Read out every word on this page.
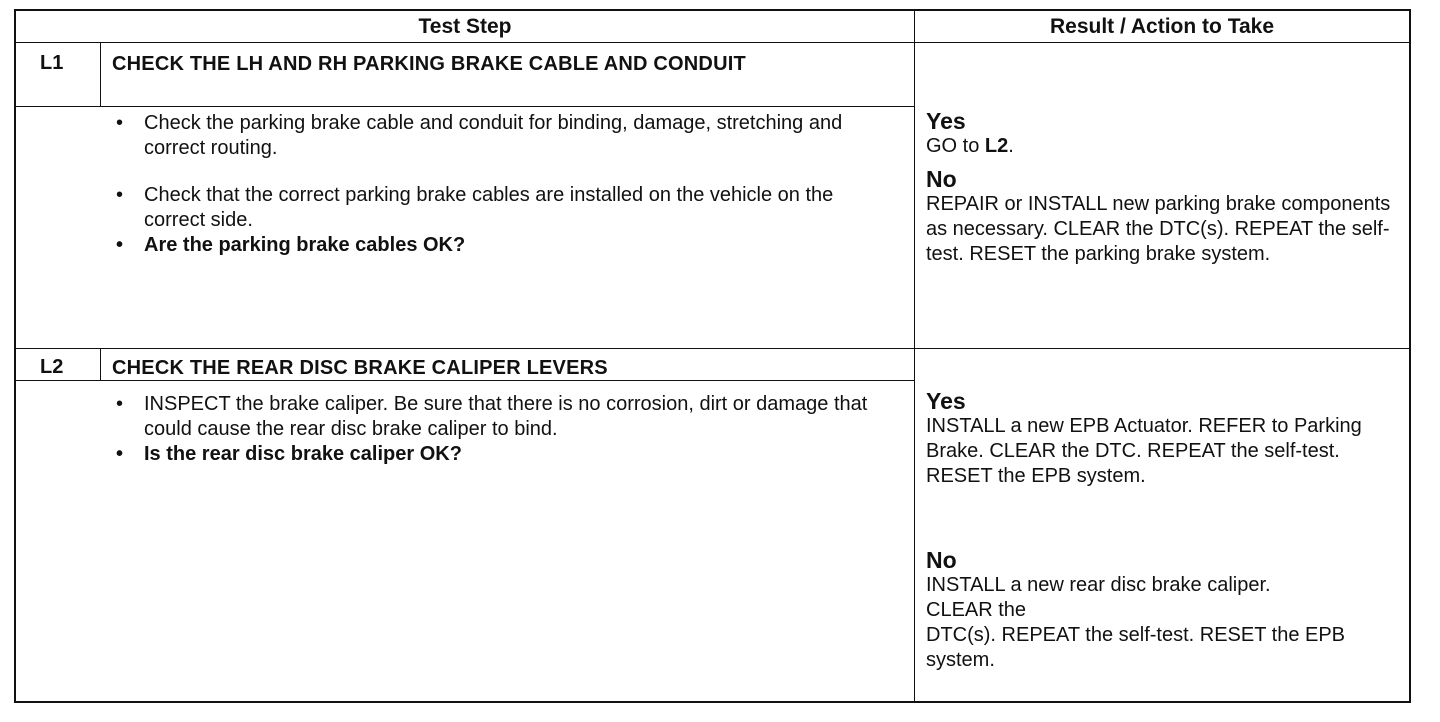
Test Step	Result / Action to Take
L1 CHECK THE LH AND RH PARKING BRAKE CABLE AND CONDUIT
• Check the parking brake cable and conduit for binding, damage, stretching and correct routing.
• Check that the correct parking brake cables are installed on the vehicle on the correct side.
• Are the parking brake cables OK?
Yes
GO to L2.
No
REPAIR or INSTALL new parking brake components as necessary. CLEAR the DTC(s). REPEAT the self-test. RESET the parking brake system.
L2 CHECK THE REAR DISC BRAKE CALIPER LEVERS
• INSPECT the brake caliper. Be sure that there is no corrosion, dirt or damage that could cause the rear disc brake caliper to bind.
• Is the rear disc brake caliper OK?
Yes
INSTALL a new EPB Actuator. REFER to Parking Brake. CLEAR the DTC. REPEAT the self-test. RESET the EPB system.
No
INSTALL a new rear disc brake caliper.
CLEAR the
DTC(s). REPEAT the self-test. RESET the EPB system.
